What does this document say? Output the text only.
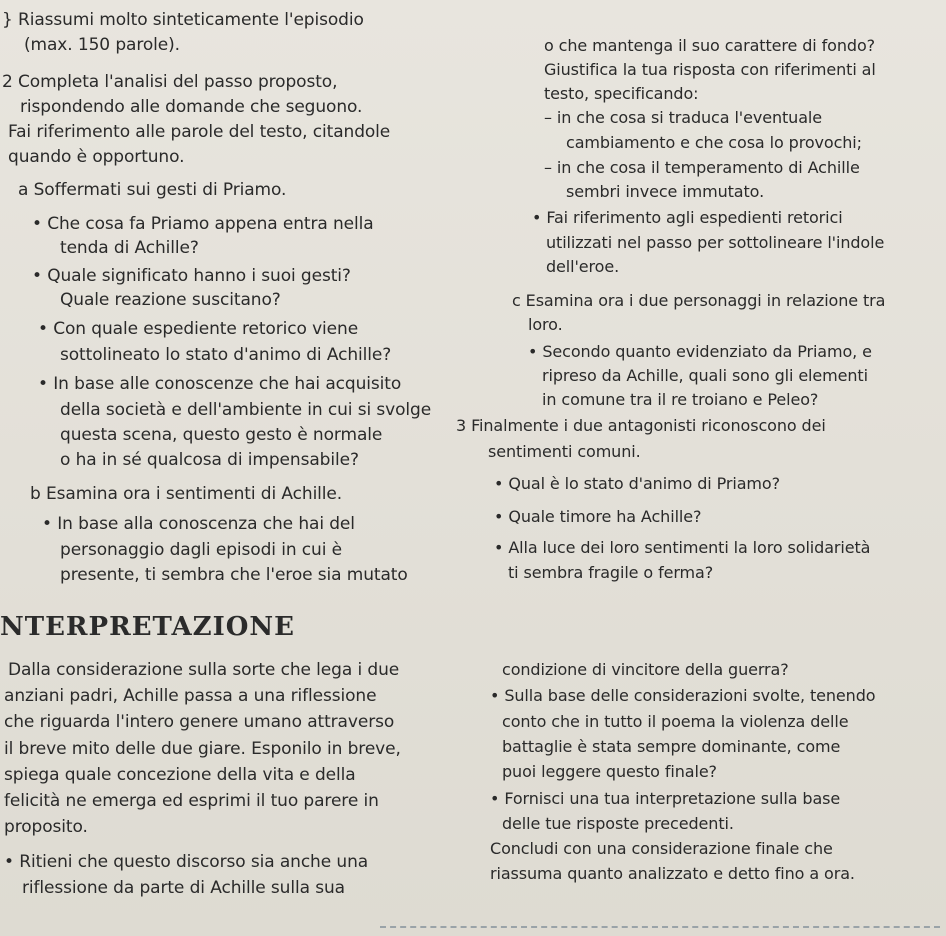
} Riassumi molto sinteticamente l'episodio
(max. 150 parole).
2 Completa l'analisi del passo proposto,
rispondendo alle domande che seguono.
Fai riferimento alle parole del testo, citandole
quando è opportuno.
a Soffermati sui gesti di Priamo.
• Che cosa fa Priamo appena entra nella
tenda di Achille?
• Quale significato hanno i suoi gesti?
Quale reazione suscitano?
• Con quale espediente retorico viene
sottolineato lo stato d'animo di Achille?
• In base alle conoscenze che hai acquisito
della società e dell'ambiente in cui si svolge
questa scena, questo gesto è normale
o ha in sé qualcosa di impensabile?
b Esamina ora i sentimenti di Achille.
• In base alla conoscenza che hai del
personaggio dagli episodi in cui è
presente, ti sembra che l'eroe sia mutato
o che mantenga il suo carattere di fondo?
Giustifica la tua risposta con riferimenti al
testo, specificando:
– in che cosa si traduca l'eventuale
cambiamento e che cosa lo provochi;
– in che cosa il temperamento di Achille
sembri invece immutato.
• Fai riferimento agli espedienti retorici
utilizzati nel passo per sottolineare l'indole
dell'eroe.
c Esamina ora i due personaggi in relazione tra
loro.
• Secondo quanto evidenziato da Priamo, e
ripreso da Achille, quali sono gli elementi
in comune tra il re troiano e Peleo?
3 Finalmente i due antagonisti riconoscono dei
sentimenti comuni.
• Qual è lo stato d'animo di Priamo?
• Quale timore ha Achille?
• Alla luce dei loro sentimenti la loro solidarietà
ti sembra fragile o ferma?
NTERPRETAZIONE
Dalla considerazione sulla sorte che lega i due
anziani padri, Achille passa a una riflessione
che riguarda l'intero genere umano attraverso
il breve mito delle due giare. Esponilo in breve,
spiega quale concezione della vita e della
felicità ne emerga ed esprimi il tuo parere in
proposito.
• Ritieni che questo discorso sia anche una
riflessione da parte di Achille sulla sua
condizione di vincitore della guerra?
• Sulla base delle considerazioni svolte, tenendo
conto che in tutto il poema la violenza delle
battaglie è stata sempre dominante, come
puoi leggere questo finale?
• Fornisci una tua interpretazione sulla base
delle tue risposte precedenti.
Concludi con una considerazione finale che
riassuma quanto analizzato e detto fino a ora.
